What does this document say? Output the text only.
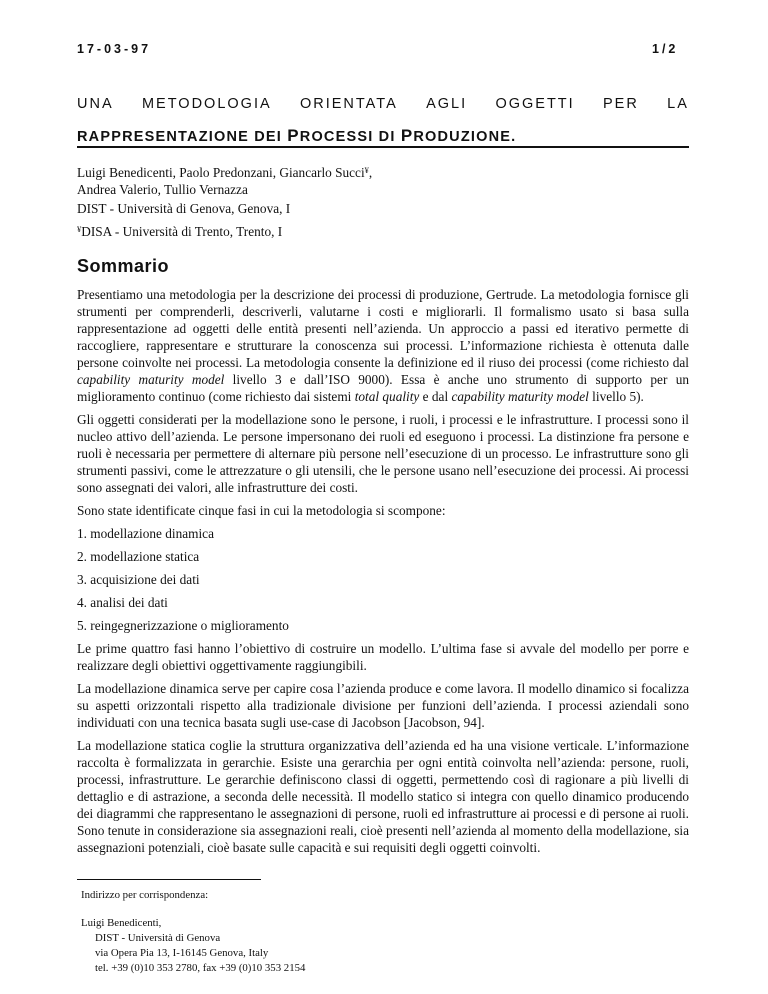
17-03-97	1/2
UNA METODOLOGIA ORIENTATA AGLI OGGETTI PER LA
RAPPRESENTAZIONE DEI PROCESSI DI PRODUZIONE.
Luigi Benedicenti, Paolo Predonzani, Giancarlo Succi¥,
Andrea Valerio, Tullio Vernazza
DIST - Università di Genova, Genova, I
¥DISA - Università di Trento, Trento, I
Sommario

Presentiamo una metodologia per la descrizione dei processi di produzione, Gertrude. La metodologia fornisce gli strumenti per comprenderli, descriverli, valutarne i costi e migliorarli. Il formalismo usato si basa sulla rappresentazione ad oggetti delle entità presenti nell’azienda. Un approccio a passi ed iterativo permette di raccogliere, rappresentare e strutturare la conoscenza sui processi. L’informazione richiesta è ottenuta dalle persone coinvolte nei processi. La metodologia consente la definizione ed il riuso dei processi (come richiesto dal capability maturity model livello 3 e dall’ISO 9000). Essa è anche uno strumento di supporto per un miglioramento continuo (come richiesto dai sistemi total quality e dal capability maturity model livello 5).

Gli oggetti considerati per la modellazione sono le persone, i ruoli, i processi e le infrastrutture. I processi sono il nucleo attivo dell’azienda. Le persone impersonano dei ruoli ed eseguono i processi. La distinzione fra persone e ruoli è necessaria per permettere di alternare più persone nell’esecuzione di un processo. Le infrastrutture sono gli strumenti passivi, come le attrezzature o gli utensili, che le persone usano nell’esecuzione dei processi. Ai processi sono assegnati dei valori, alle infrastrutture dei costi.

Sono state identificate cinque fasi in cui la metodologia si scompone:

1. modellazione dinamica

2. modellazione statica

3. acquisizione dei dati

4. analisi dei dati

5. reingegnerizzazione o miglioramento

Le prime quattro fasi hanno l’obiettivo di costruire un modello. L’ultima fase si avvale del modello per porre e realizzare degli obiettivi oggettivamente raggiungibili.

La modellazione dinamica serve per capire cosa l’azienda produce e come lavora. Il modello dinamico si focalizza su aspetti orizzontali rispetto alla tradizionale divisione per funzioni dell’azienda. I processi aziendali sono individuati con una tecnica basata sugli use-case di Jacobson [Jacobson, 94].

La modellazione statica coglie la struttura organizzativa dell’azienda ed ha una visione verticale. L’informazione raccolta è formalizzata in gerarchie. Esiste una gerarchia per ogni entità coinvolta nell’azienda: persone, ruoli, processi, infrastrutture. Le gerarchie definiscono classi di oggetti, permettendo così di ragionare a più livelli di dettaglio e di astrazione, a seconda delle necessità. Il modello statico si integra con quello dinamico producendo dei diagrammi che rappresentano le assegnazioni di persone, ruoli ed infrastrutture ai processi e di persone ai ruoli. Sono tenute in considerazione sia assegnazioni reali, cioè presenti nell’azienda al momento della modellazione, sia assegnazioni potenziali, cioè basate sulle capacità e sui requisiti degli oggetti coinvolti.

Indirizzo per corrispondenza:
Luigi Benedicenti,
DIST - Università di Genova
via Opera Pia 13, I-16145 Genova, Italy
tel. +39 (0)10 353 2780, fax +39 (0)10 353 2154
